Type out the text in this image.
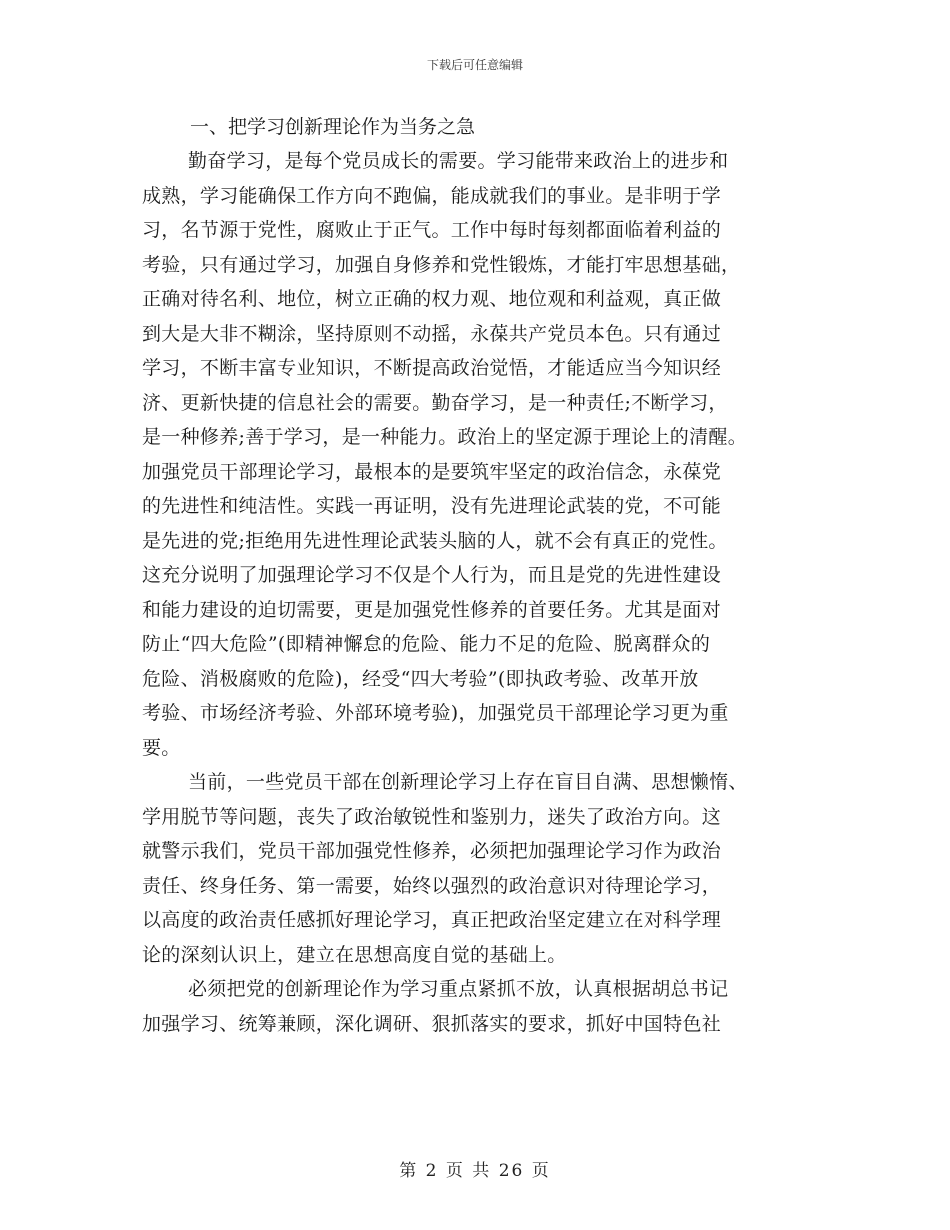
下载后可任意编辑

一、把学习创新理论作为当务之急

勤奋学习，是每个党员成长的需要。学习能带来政治上的进步和

成熟，学习能确保工作方向不跑偏，能成就我们的事业。是非明于学

习，名节源于党性，腐败止于正气。工作中每时每刻都面临着利益的

考验，只有通过学习，加强自身修养和党性锻炼，才能打牢思想基础，

正确对待名利、地位，树立正确的权力观、地位观和利益观，真正做

到大是大非不糊涂，坚持原则不动摇，永葆共产党员本色。只有通过

学习，不断丰富专业知识，不断提高政治觉悟，才能适应当今知识经

济、更新快捷的信息社会的需要。勤奋学习，是一种责任;不断学习，

是一种修养;善于学习，是一种能力。政治上的坚定源于理论上的清醒。

加强党员干部理论学习，最根本的是要筑牢坚定的政治信念，永葆党

的先进性和纯洁性。实践一再证明，没有先进理论武装的党，不可能

是先进的党;拒绝用先进性理论武装头脑的人，就不会有真正的党性。

这充分说明了加强理论学习不仅是个人行为，而且是党的先进性建设

和能力建设的迫切需要，更是加强党性修养的首要任务。尤其是面对

防止“四大危险”(即精神懈怠的危险、能力不足的危险、脱离群众的

危险、消极腐败的危险)，经受“四大考验”(即执政考验、改革开放

考验、市场经济考验、外部环境考验)，加强党员干部理论学习更为重

要。

当前，一些党员干部在创新理论学习上存在盲目自满、思想懒惰、

学用脱节等问题，丧失了政治敏锐性和鉴别力，迷失了政治方向。这

就警示我们，党员干部加强党性修养，必须把加强理论学习作为政治

责任、终身任务、第一需要，始终以强烈的政治意识对待理论学习，

以高度的政治责任感抓好理论学习，真正把政治坚定建立在对科学理

论的深刻认识上，建立在思想高度自觉的基础上。

必须把党的创新理论作为学习重点紧抓不放，认真根据胡总书记

加强学习、统筹兼顾，深化调研、狠抓落实的要求，抓好中国特色社

第 2 页 共 26 页
